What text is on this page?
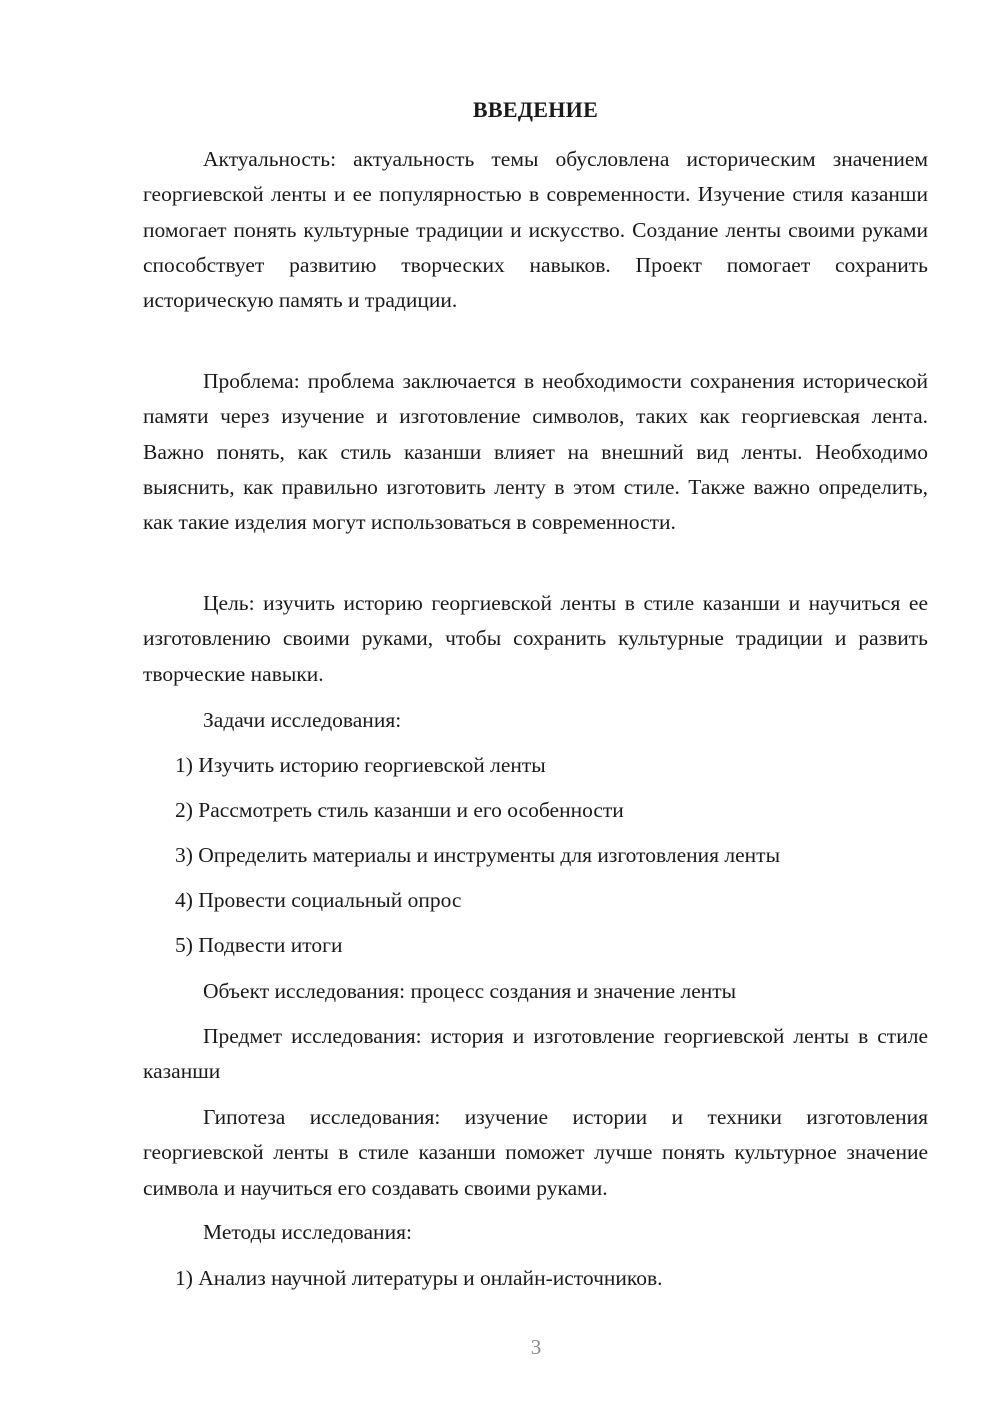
ВВЕДЕНИЕ

Актуальность: актуальность темы обусловлена историческим значением георгиевской ленты и ее популярностью в современности. Изучение стиля казанши помогает понять культурные традиции и искусство. Создание ленты своими руками способствует развитию творческих навыков. Проект помогает сохранить историческую память и традиции.

Проблема: проблема заключается в необходимости сохранения исторической памяти через изучение и изготовление символов, таких как георгиевская лента. Важно понять, как стиль казанши влияет на внешний вид ленты. Необходимо выяснить, как правильно изготовить ленту в этом стиле. Также важно определить, как такие изделия могут использоваться в современности.

Цель: изучить историю георгиевской ленты в стиле казанши и научиться ее изготовлению своими руками, чтобы сохранить культурные традиции и развить творческие навыки.

Задачи исследования:
1) Изучить историю георгиевской ленты
2) Рассмотреть стиль казанши и его особенности
3) Определить материалы и инструменты для изготовления ленты
4) Провести социальный опрос
5) Подвести итоги
Объект исследования: процесс создания и значение ленты

Предмет исследования: история и изготовление георгиевской ленты в стиле казанши

Гипотеза исследования: изучение истории и техники изготовления георгиевской ленты в стиле казанши поможет лучше понять культурное значение символа и научиться его создавать своими руками.

Методы исследования:
1) Анализ научной литературы и онлайн-источников.
3
